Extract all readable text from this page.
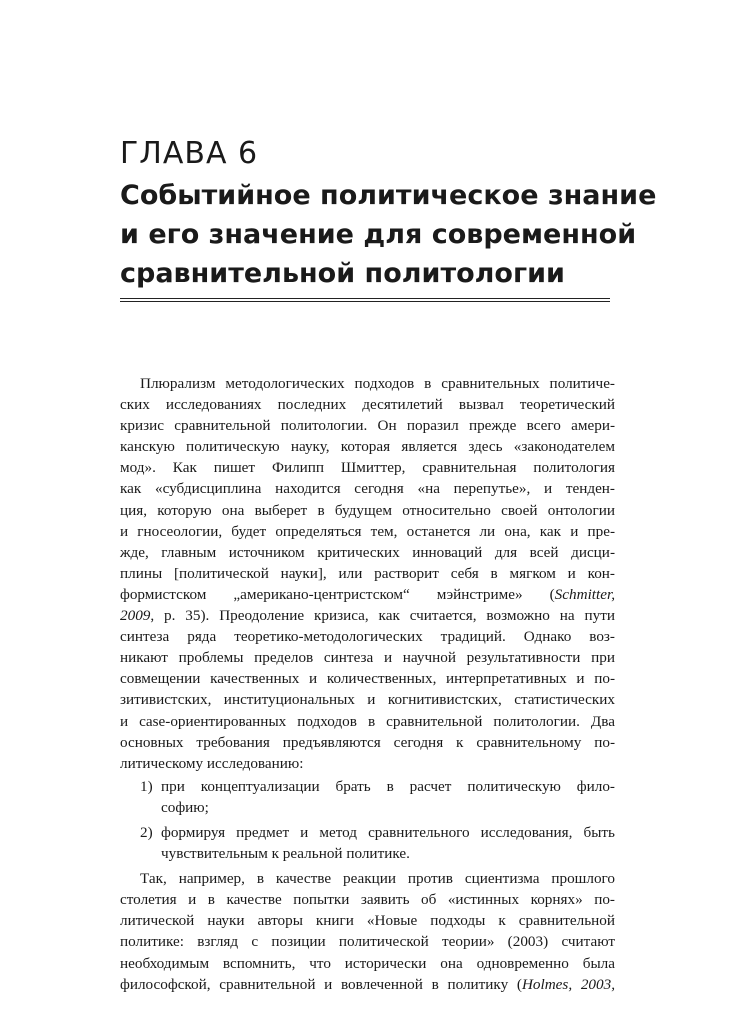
ГЛАВА 6
Событийное политическое знание
и его значение для современной
сравнительной политологии
Плюрализм методологических подходов в сравнительных политиче-
ских исследованиях последних десятилетий вызвал теоретический
кризис сравнительной политологии. Он поразил прежде всего амери-
канскую политическую науку, которая является здесь «законодателем
мод». Как пишет Филипп Шмиттер, сравнительная политология
как «субдисциплина находится сегодня «на перепутье», и тенден-
ция, которую она выберет в будущем относительно своей онтологии
и гносеологии, будет определяться тем, останется ли она, как и пре-
жде, главным источником критических инноваций для всей дисци-
плины [политической науки], или растворит себя в мягком и кон-
формистском „американо-центристском“ мэйнстриме» (Schmitter,
2009, р. 35). Преодоление кризиса, как считается, возможно на пути
синтеза ряда теоретико-методологических традиций. Однако воз-
никают проблемы пределов синтеза и научной результативности при
совмещении качественных и количественных, интерпретативных и по-
зитивистских, институциональных и когнитивистских, статистических
и case-ориентированных подходов в сравнительной политологии. Два
основных требования предъявляются сегодня к сравнительному по-
литическому исследованию:
1) при концептуализации брать в расчет политическую фило-
софию;
2) формируя предмет и метод сравнительного исследования, быть
чувствительным к реальной политике.
Так, например, в качестве реакции против сциентизма прошлого
столетия и в качестве попытки заявить об «истинных корнях» по-
литической науки авторы книги «Новые подходы к сравнительной
политике: взгляд с позиции политической теории» (2003) считают
необходимым вспомнить, что исторически она одновременно была
философской, сравнительной и вовлеченной в политику (Holmes, 2003,
